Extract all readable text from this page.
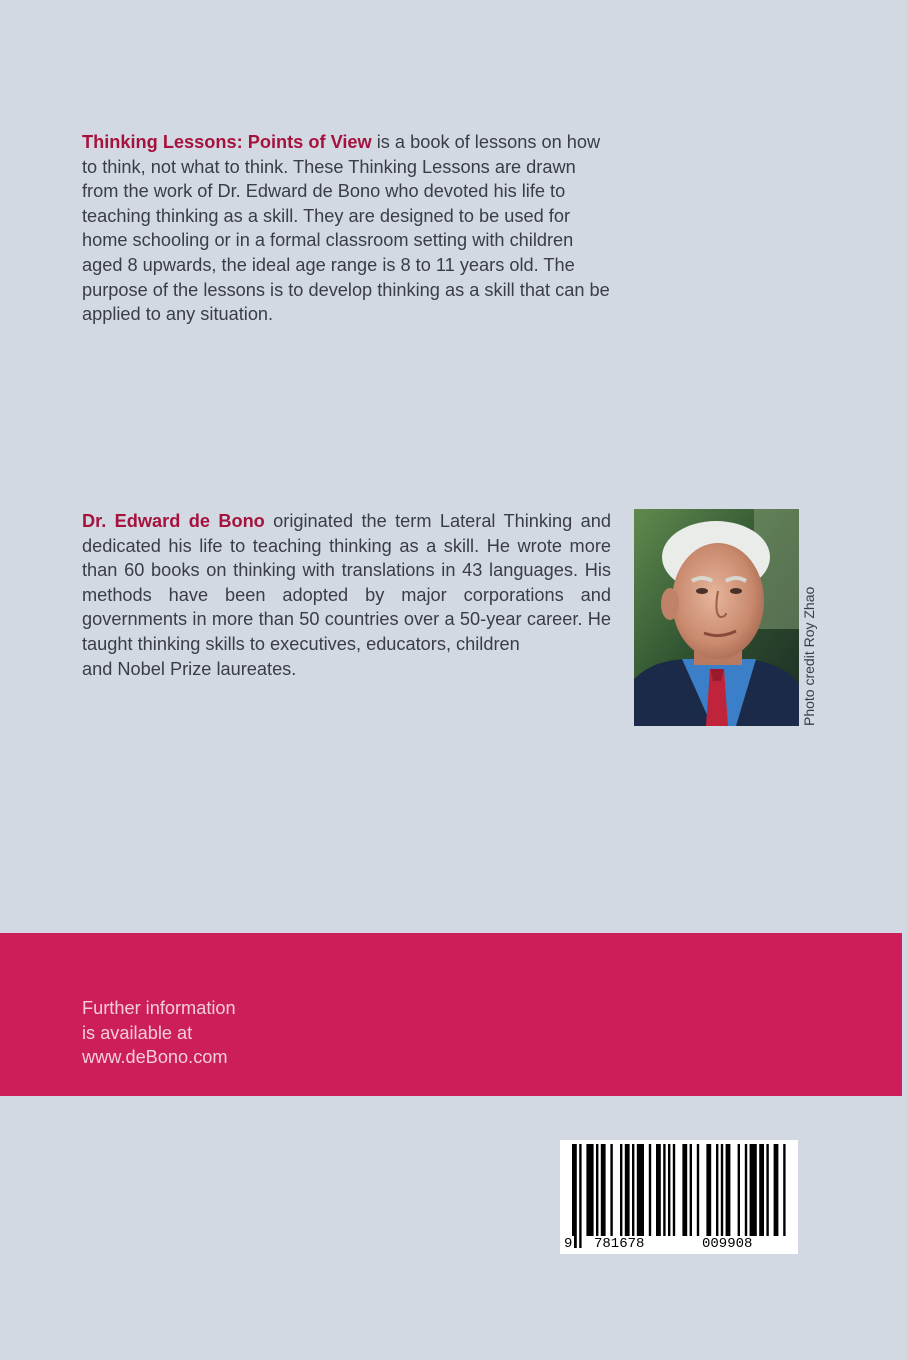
Thinking Lessons: Points of View is a book of lessons on how to think, not what to think. These Thinking Lessons are drawn from the work of Dr. Edward de Bono who devoted his life to teaching thinking as a skill. They are designed to be used for home schooling or in a formal classroom setting with children aged 8 upwards, the ideal age range is 8 to 11 years old. The purpose of the lessons is to develop thinking as a skill that can be applied to any situation.

Dr. Edward de Bono originated the term Lateral Thinking and dedicated his life to teaching thinking as a skill. He wrote more than 60 books on thinking with translations in 43 languages. His methods have been adopted by major corporations and governments in more than 50 countries over a 50-year career. He taught thinking skills to executives, educators, children
and Nobel Prize laureates.	Photo credit Roy Zhao

Further information
is available at
www.deBono.com

9 781678	009908
